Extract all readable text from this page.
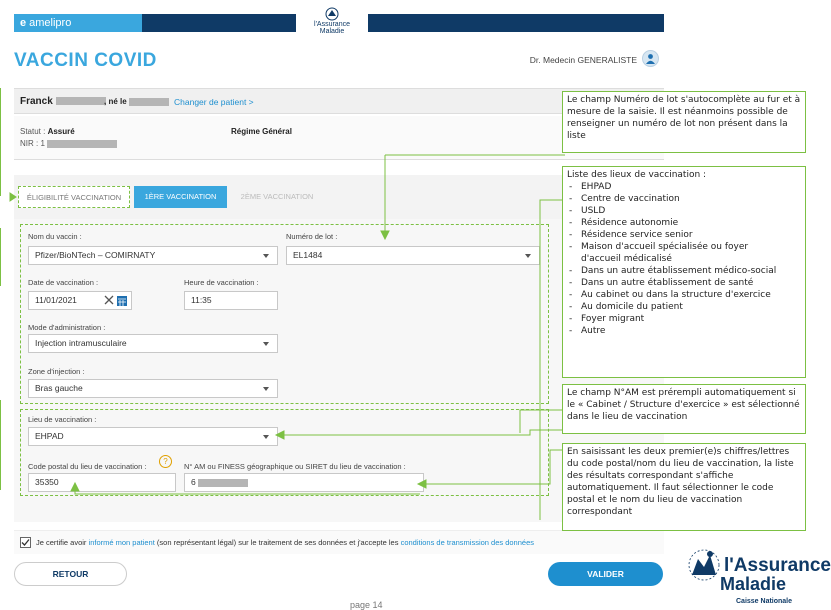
e amelipro	l'Assurance
Maladie
VACCIN COVID	Dr. Medecin GENERALISTE
Franck	, né le	Changer de patient >
Statut : Assuré
NIR : 1
Régime Général
ÉLIGIBILITÉ VACCINATION	1ÈRE VACCINATION	2ÈME VACCINATION
Nom du vaccin :
Pfizer/BioNTech – COMIRNATY
Numéro de lot :
EL1484
Date de vaccination :
11/01/2021
Heure de vaccination :
11:35
Mode d'administration :
Injection intramusculaire
Zone d'injection :
Bras gauche
Lieu de vaccination :
EHPAD
Code postal du lieu de vaccination :
?
35350
N° AM ou FINESS géographique ou SIRET du lieu de vaccination :
6
Je certifie avoir informé mon patient (son représentant légal) sur le traitement de ses données et j'accepte les conditions de transmission des données
RETOUR	VALIDER
page 14
Le champ Numéro de lot s'autocomplète au fur et à mesure de la saisie. Il est néanmoins possible de renseigner un numéro de lot non présent dans la liste
Liste des lieux de vaccination :
- EHPAD
- Centre de vaccination
- USLD
- Résidence autonomie
- Résidence service senior
- Maison d'accueil spécialisée ou foyer
d'accueil médicalisé
- Dans un autre établissement médico-social
- Dans un autre établissement de santé
- Au cabinet ou dans la structure d'exercice
- Au domicile du patient
- Foyer migrant
- Autre
Le champ N°AM est prérempli automatiquement si le « Cabinet / Structure d'exercice » est sélectionné dans le lieu de vaccination
En saisissant les deux premier(e)s chiffres/lettres du code postal/nom du lieu de vaccination, la liste des résultats correspondant s'affiche automatiquement. Il faut sélectionner le code postal et le nom du lieu de vaccination correspondant
l'Assurance
Maladie
Caisse Nationale
